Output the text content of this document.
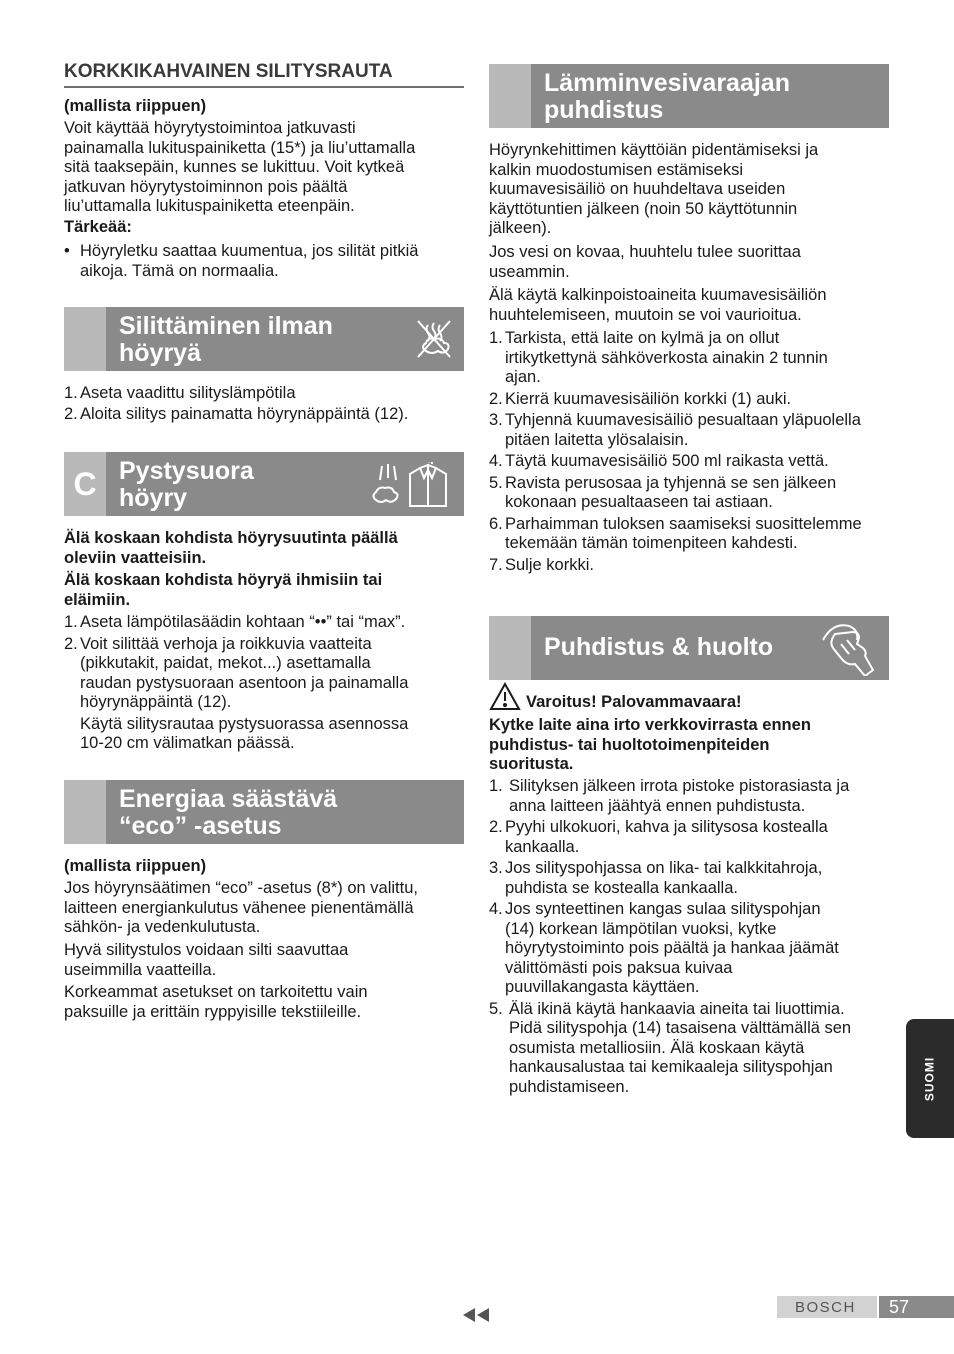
KORKKIKAHVAINEN SILITYSRAUTA

(mallista riippuen)

Voit käyttää höyrytystoimintoa jatkuvasti

painamalla lukituspainiketta (15*) ja liu’uttamalla

sitä taaksepäin, kunnes se lukittuu. Voit kytkeä

jatkuvan höyrytystoiminnon pois päältä

liu’uttamalla lukituspainiketta eteenpäin.

Tärkeää:

• Höyryletku saattaa kuumentua, jos silität pitkiä

aikoja. Tämä on normaalia.

Silittäminen ilman
höyryä
1. Aseta vaadittu silityslämpötila

2. Aloita silitys painamatta höyrynäppäintä (12).

C Pystysuora
höyry

Älä koskaan kohdista höyrysuutinta päällä

oleviin vaatteisiin.

Älä koskaan kohdista höyryä ihmisiin tai

eläimiin.

1. Aseta lämpötilasäädin kohtaan “••” tai “max”.

2. Voit silittää verhoja ja roikkuvia vaatteita

(pikkutakit, paidat, mekot...) asettamalla

raudan pystysuoraan asentoon ja painamalla

höyrynäppäintä (12).

Käytä silitysrautaa pystysuorassa asennossa

10-20 cm välimatkan päässä.

Energiaa säästävä
“eco” -asetus

(mallista riippuen)

Jos höyrynsäätimen “eco” -asetus (8*) on valittu,

laitteen energiankulutus vähenee pienentämällä

sähkön- ja vedenkulutusta.

Hyvä silitystulos voidaan silti saavuttaa

useimmilla vaatteilla.

Korkeammat asetukset on tarkoitettu vain

paksuille ja erittäin ryppyisille tekstiileille.

Lämminvesivaraajan
puhdistus

Höyrynkehittimen käyttöiän pidentämiseksi ja

kalkin muodostumisen estämiseksi

kuumavesisäiliö on huuhdeltava useiden

käyttötuntien jälkeen (noin 50 käyttötunnin

jälkeen).

Jos vesi on kovaa, huuhtelu tulee suorittaa

useammin.

Älä käytä kalkinpoistoaineita kuumavesisäiliön

huuhtelemiseen, muutoin se voi vaurioitua.

1. Tarkista, että laite on kylmä ja on ollut

irtikytkettynä sähköverkosta ainakin 2 tunnin

ajan.

2. Kierrä kuumavesisäiliön korkki (1) auki.

3. Tyhjennä kuumavesisäiliö pesualtaan yläpuolella

pitäen laitetta ylösalaisin.

4. Täytä kuumavesisäiliö 500 ml raikasta vettä.

5. Ravista perusosaa ja tyhjennä se sen jälkeen

kokonaan pesualtaaseen tai astiaan.

6. Parhaimman tuloksen saamiseksi suosittelemme

tekemään tämän toimenpiteen kahdesti.

7. Sulje korkki.

Puhdistus & huolto
Varoitus! Palovammavaara!

Kytke laite aina irto verkkovirrasta ennen

puhdistus- tai huoltotoimenpiteiden

suoritusta.

1. Silityksen jälkeen irrota pistoke pistorasiasta ja

anna laitteen jäähtyä ennen puhdistusta.

2. Pyyhi ulkokuori, kahva ja silitysosa kostealla

kankaalla.

3. Jos silityspohjassa on lika- tai kalkkitahroja,

puhdista se kostealla kankaalla.

4. Jos synteettinen kangas sulaa silityspohjan

(14) korkean lämpötilan vuoksi, kytke

höyrytystoiminto pois päältä ja hankaa jäämät

välittömästi pois paksua kuivaa

puuvillakangasta käyttäen.

5. Älä ikinä käytä hankaavia aineita tai liuottimia.

Pidä silityspohja (14) tasaisena välttämällä sen

osumista metalliosiin. Älä koskaan käytä

hankausalustaa tai kemikaaleja silityspohjan

puhdistamiseen.	SUOMI
BOSCH 57
